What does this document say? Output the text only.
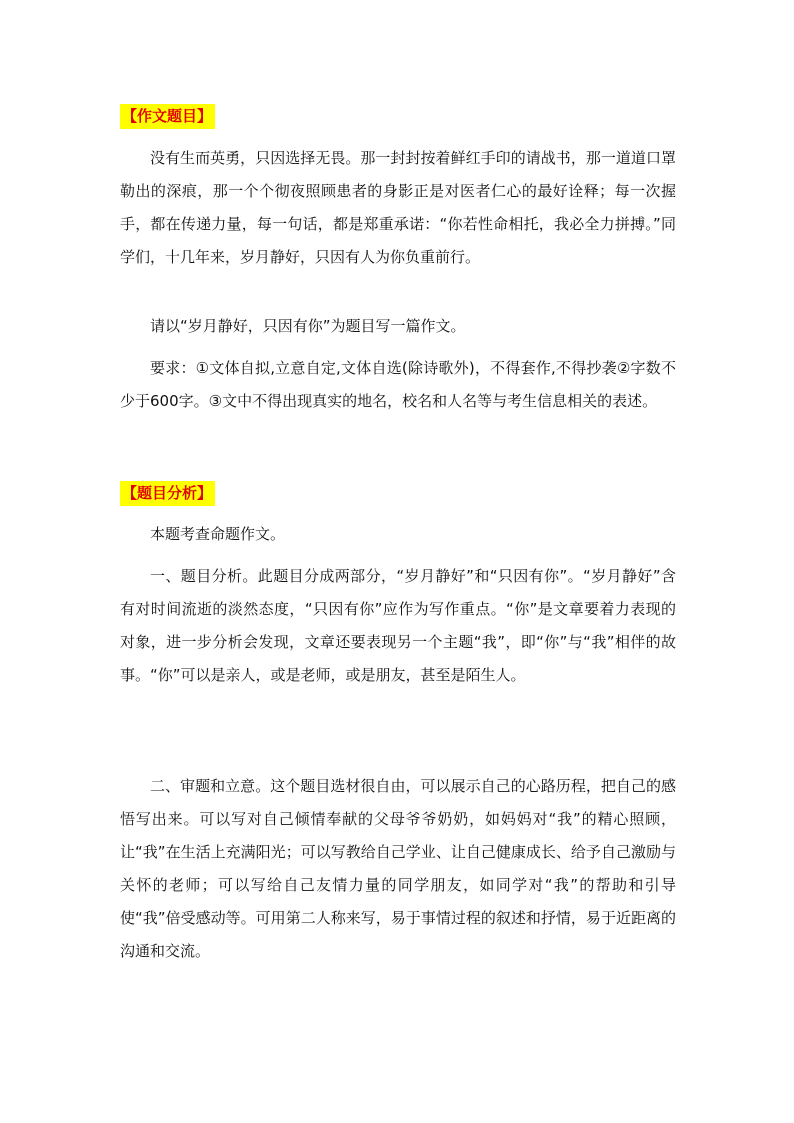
【作文题目】

没有生而英勇，只因选择无畏。那一封封按着鲜红手印的请战书，那一道道口罩勒出的深痕，那一个个彻夜照顾患者的身影正是对医者仁心的最好诠释；每一次握手，都在传递力量，每一句话，都是郑重承诺：“你若性命相托，我必全力拼搏。”同学们，十几年来，岁月静好，只因有人为你负重前行。

请以“岁月静好，只因有你”为题目写一篇作文。

要求：①文体自拟,立意自定,文体自选(除诗歌外)，不得套作,不得抄袭②字数不少于600字。③文中不得出现真实的地名，校名和人名等与考生信息相关的表述。

【题目分析】

本题考查命题作文。

一、题目分析。此题目分成两部分，“岁月静好”和“只因有你”。“岁月静好”含有对时间流逝的淡然态度，“只因有你”应作为写作重点。“你”是文章要着力表现的对象，进一步分析会发现，文章还要表现另一个主题“我”，即“你”与“我”相伴的故事。“你”可以是亲人，或是老师，或是朋友，甚至是陌生人。

二、审题和立意。这个题目选材很自由，可以展示自己的心路历程，把自己的感悟写出来。可以写对自己倾情奉献的父母爷爷奶奶，如妈妈对“我”的精心照顾，让“我”在生活上充满阳光；可以写教给自己学业、让自己健康成长、给予自己激励与关怀的老师；可以写给自己友情力量的同学朋友，如同学对“我”的帮助和引导使“我”倍受感动等。可用第二人称来写，易于事情过程的叙述和抒情，易于近距离的沟通和交流。
